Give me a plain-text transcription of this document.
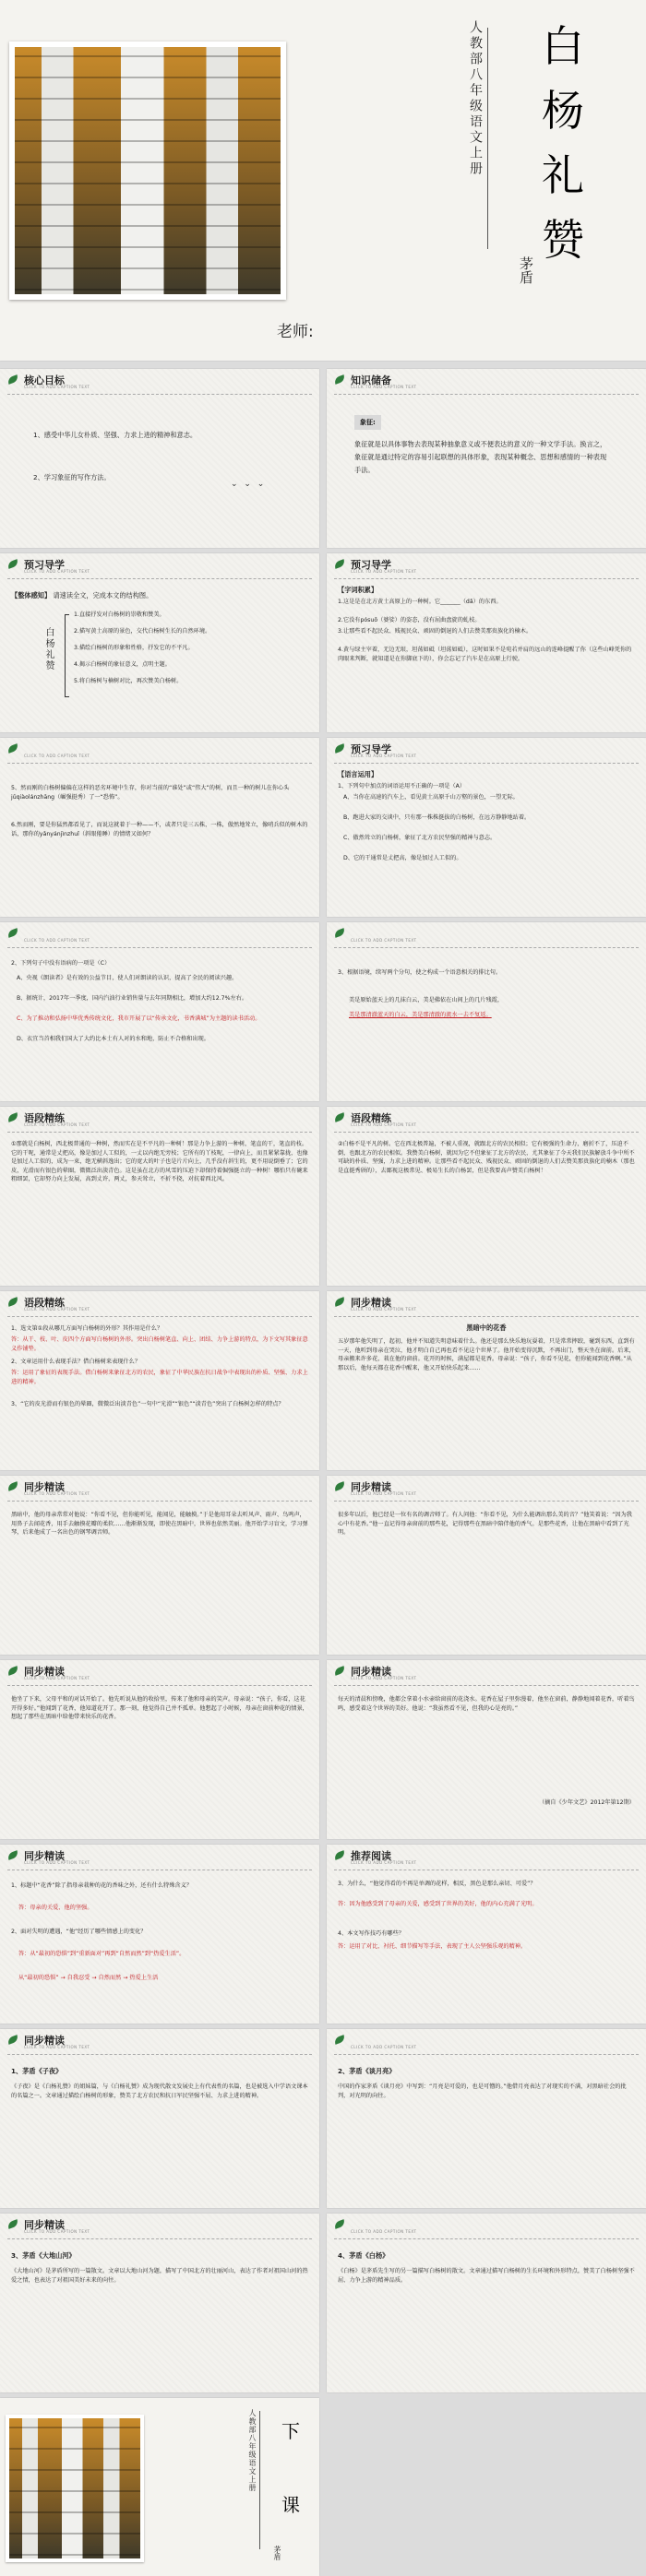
人教部八年级语文上册 白
杨
礼
赞
茅盾
老师:
核心目标
CLICK TO ADD CAPTION TEXT
1、感受中华儿女朴质、坚强、力求上进的精神和意志。
2、学习象征的写作方法。
⌄ ⌄ ⌄
知识储备
CLICK TO ADD CAPTION TEXT
象征:
象征就是以具体事物去表现某种抽象意义或不便表达的意义的一种文学手法。换言之，象征就是通过特定的容易引起联想的具体形象，表现某种概念、思想和感情的一种表现手法。
预习导学
CLICK TO ADD CAPTION TEXT
【整体感知】 请速读全文，完成本文的结构图。
白杨礼赞
1.直接抒发对白杨树的崇敬和赞美。
2.描写黄土高原的景色，交代白杨树生长的自然环境。
3.描绘白杨树的形象和性格，抒发它的不平凡。
4.揭示白杨树的象征意义，点明主题。
5.将白杨树与楠树对比，再次赞美白杨树。
预习导学
CLICK TO ADD CAPTION TEXT
【字词积累】
1.这是是在北方黄土高原上的一种树。它_______（dǎ）的东西。
2.它没有pósuō（婆娑）的姿态，没有屈曲盘旋的虬枝。
3.让那些看不起民众、贱视民众、顽固的倒退的人们去赞美那贵族化的楠木。
4.黄与绿主宰着，无边无垠，坦荡如砥（坦荡如砥），这时如果不是宛若并肩的远山的连峰提醒了你（这些山峰凭你的肉眼来判断，就知道是在你脚底下的），你会忘记了汽车是在高原上行驶。
CLICK TO ADD CAPTION TEXT
5、然而刚的白杨树偏偏在这样的恶劣环境中生存，你对当前的“谁处”或“伟大”的树，而且一种的树儿在你心头jǔqiàolánzhāng（崛强挺秀）了一“恐怖”。
6.然而刚，要是你猛然都看见了，而说这就着于一种——不，或者只是三五株、一株，傲然地耸立，像哨兵似的树木的话，那你的yǎnyánjìnzhuǐ（斜眼倦睡）的情绪又如何？
预习导学
CLICK TO ADD CAPTION TEXT
【语言运用】
1、下列句中加点的词语运用不正确的一项是（A）
A、当你在高速的汽车上，看见黄土高原千山万壑的景色，一望无际。
B、跑进大家的交谈中，只有那一株株挺拔的白杨树，在远方静静地站着。
C、傲然耸立的白杨树，象征了北方农民坚强的精神与意志。
D、它的干通常是丈把高，像是加过人工似的。
CLICK TO ADD CAPTION TEXT
2、下列句子中没有语病的一项是（C）
A、央视《朗读者》是有效的公益节目，使人们对朗读的认识，提高了全民的阅读兴趣。
B、据统计，2017年一季度，国内汽油行业销售量与去年同期相比，增加大约12.7%左右。
C、为了推动和弘扬中华优秀传统文化，我市开展了以“传承文化，书香满城”为主题的读书活动。
D、衣宜当首相我们国大了大约比本土有人对的水和地，防止不合格和出现。
CLICK TO ADD CAPTION TEXT
3、根据语境，续写两个分句，使之构成一个语意相关的排比句。
美是原始蓝天上的几抹白云，美是佛依在山间上的几片残霞，
美是那清澈蓝天的白云，美是那清澈的流水一去不复返。
语段精练
CLICK TO ADD CAPTION TEXT
①那就是白杨树，西北极普通的一种树，然而实在是不平凡的一种树！那是力争上游的一种树，笔直的干，笔直的枝。它的干呢，通常是丈把高，像是加过人工似的，一丈以内绝无旁枝；它所有的丫枝呢，一律向上，而且紧紧靠拢，也像是加过人工似的，成为一束，绝无横斜逸出；它的宽大的叶子也是片片向上，几乎没有斜生的，更不用说倒垂了；它的皮，光滑而有银色的晕圈，微微泛出淡青色。这是虽在北方的风雪的压迫下却保持着倔强挺立的一种树！哪怕只有碗来粗细罢，它却努力向上发展，高到丈许，两丈，参天耸立，不折不挠，对抗着西北风。
语段精练
CLICK TO ADD CAPTION TEXT
②白杨不是平凡的树。它在西北极普遍，不被人重视，就跟北方的农民相似；它有极强的生命力，磨折不了，压迫不倒，也跟北方的农民相似。我赞美白杨树，就因为它不但象征了北方的农民，尤其象征了今天我们民族解放斗争中所不可缺的朴质、坚强，力求上进的精神。让那些看不起民众、贱视民众、顽固的倒退的人们去赞美那贵族化的楠木（那也是直挺秀颀的），去鄙视这极常见、极易生长的白杨罢，但是我要高声赞美白杨树！
语段精练
CLICK TO ADD CAPTION TEXT
1、选文第①段从哪几方面写白杨树的外形？其作用是什么？
答：从干、枝、叶、皮四个方面写白杨树的外形。突出白杨树笔直、向上、团结、力争上游的特点，为下文写其象征意义作铺垫。
2、文章运用什么表现手法？借白杨树来表现什么？
答：运用了象征的表现手法。借白杨树来象征北方的农民，象征了中华民族在抗日战争中表现出的朴质、坚强、力求上进的精神。
3、“它的皮光滑而有银色的晕圈，微微泛出淡青色”一句中“光滑”“银色”“淡青色”突出了白杨树怎样的特点？
同步精读
CLICK TO ADD CAPTION TEXT
黑暗中的花香
五岁那年他失明了，起初，他并不知道失明意味着什么。他还是那么快乐地玩耍着，只是常常摔跤，碰到东西，直到有一天，他听到母亲在哭泣，他才明白自己再也看不见这个世界了。他开始变得沉默，不再出门，整天坐在窗前。后来，母亲搬来许多花，栽在他的窗前。花开的时候，满屋都是花香。母亲说：“孩子，你看不见花，但你能闻到花香啊。”从那以后，他每天都在花香中醒来，他又开始快乐起来……
同步精读
CLICK TO ADD CAPTION TEXT
黑暗中，他的母亲常常对他说：“你看不见，但你能听见，能闻见，能触摸。”于是他用耳朵去听风声、雨声、鸟鸣声，用鼻子去闻花香，用手去触摸花瓣的柔软……他渐渐发现，即使在黑暗中，世界也依然美丽。他开始学习盲文，学习弹琴，后来他成了一名出色的钢琴调音师。
同步精读
CLICK TO ADD CAPTION TEXT
很多年以后，他已经是一位有名的调音师了。有人问他：“你看不见，为什么能调出那么美的音？”他笑着说：“因为我心中有花香。”他一直记得母亲窗前的那些花，记得那些在黑暗中陪伴他的香气。是那些花香，让他在黑暗中看到了光明。
同步精读
CLICK TO ADD CAPTION TEXT
他坐了下来，父母平和的对话开始了。他先听说从他的收拾里，传来了他和母亲的笑声。母亲说：“孩子，你看，这花开得多好。”他闻到了花香，他知道花开了。那一刻，他觉得自己并不孤单。他想起了小时候，母亲在窗前种花的情景，想起了那些在黑暗中给他带来快乐的花香。
同步精读
CLICK TO ADD CAPTION TEXT
每天的清晨和傍晚，他都会拿着小水壶给窗前的花浇水。花香在屋子里弥漫着，他坐在窗前，静静地闻着花香，听着鸟鸣，感受着这个世界的美好。他说：“我虽然看不见，但我的心是亮的。”
（摘自《少年文艺》2012年第12期）
同步精读
CLICK TO ADD CAPTION TEXT
1、标题中“花香”除了指母亲栽种的花的香味之外，还有什么特殊含义？
答：母亲的关爱、他的坚强。
2、面对失明的遭遇，“他”经历了哪些情感上的变化？
答：从“最初的恐惧”到“重新面对”再到“自然而然”到“热爱生活”。
从“最初的恐惧” → 自我忍受 → 自然而然 → 热爱上生活
推荐阅读
CLICK TO ADD CAPTION TEXT
3、为什么，“他觉得看的不再是单调的花样，相反，黑色是那么亲切、可爱”？
答：因为他感受到了母亲的关爱，感受到了世界的美好，他的内心充满了光明。
4、本文写作技巧有哪些？
答：运用了对比、衬托、细节描写等手法，表现了主人公坚强乐观的精神。
同步精读
CLICK TO ADD CAPTION TEXT
1、茅盾《子夜》
《子夜》是《白杨礼赞》的姐妹篇，与《白杨礼赞》成为现代散文发展史上有代表性的名篇，也是被选入中学语文课本的名篇之一。文章通过描绘白杨树的形象，赞美了北方农民和抗日军民坚强不屈、力求上进的精神。
CLICK TO ADD CAPTION TEXT
2、茅盾《谈月亮》
中国的作家茅盾《谈月亮》中写到：“月亮是可爱的，也是可憎的。”他借月亮表达了对现实的不满，对黑暗社会的批判，对光明的向往。
同步精读
CLICK TO ADD CAPTION TEXT
3、茅盾《大地山河》
《大地山河》是茅盾所写的一篇散文。文章以大地山河为题，描写了中国北方的壮丽河山，表达了作者对祖国山河的热爱之情，也表达了对祖国美好未来的向往。
CLICK TO ADD CAPTION TEXT
4、茅盾《白杨》
《白杨》是茅盾先生写的另一篇描写白杨树的散文。文章通过描写白杨树的生长环境和外形特点，赞美了白杨树坚强不屈、力争上游的精神品质。
人教部八年级语文上册 下
课
茅盾
